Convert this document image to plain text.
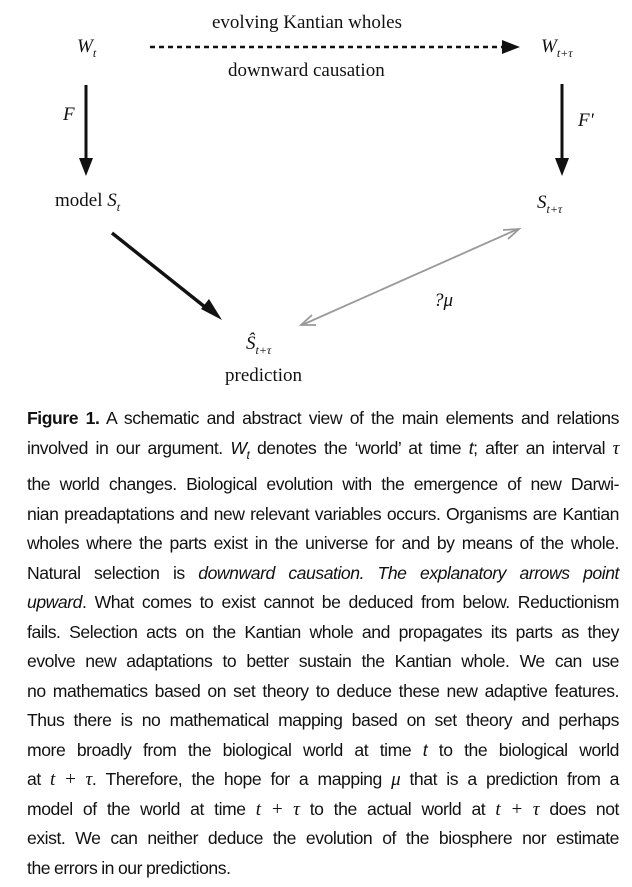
evolving Kantian wholes
downward causation
$W_t$	$W_{t+\tau}$
F	F'
model $S_t$	$S_{t+\tau}$
?μ
$Ŝ_{t+\tau}$
prediction
Figure 1. A schematic and abstract view of the main elements and relations
involved in our argument. $W_t$ denotes the ‘world’ at time t; after an interval τ
the world changes. Biological evolution with the emergence of new Darwi-
nian preadaptations and new relevant variables occurs. Organisms are Kantian
wholes where the parts exist in the universe for and by means of the whole.
Natural selection is downward causation. The explanatory arrows point
upward. What comes to exist cannot be deduced from below. Reductionism
fails. Selection acts on the Kantian whole and propagates its parts as they
evolve new adaptations to better sustain the Kantian whole. We can use
no mathematics based on set theory to deduce these new adaptive features.
Thus there is no mathematical mapping based on set theory and perhaps
more broadly from the biological world at time t to the biological world
at t + τ. Therefore, the hope for a mapping μ that is a prediction from a
model of the world at time t + τ to the actual world at t + τ does not
exist. We can neither deduce the evolution of the biosphere nor estimate
the errors in our predictions.
